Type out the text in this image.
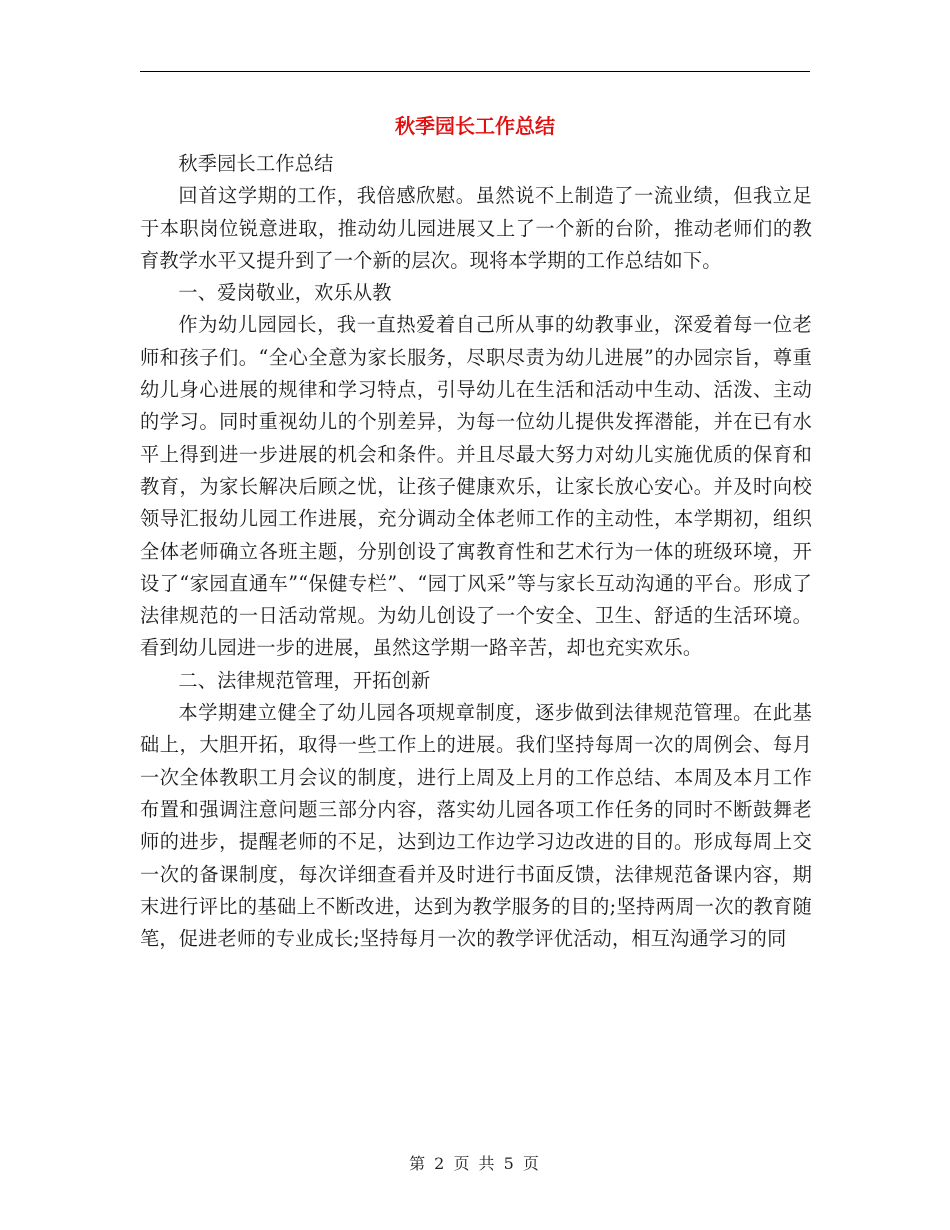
秋季园长工作总结

秋季园长工作总结

回首这学期的工作，我倍感欣慰。虽然说不上制造了一流业绩，但我立足于本职岗位锐意进取，推动幼儿园进展又上了一个新的台阶，推动老师们的教育教学水平又提升到了一个新的层次。现将本学期的工作总结如下。

一、爱岗敬业，欢乐从教

作为幼儿园园长，我一直热爱着自己所从事的幼教事业，深爱着每一位老师和孩子们。“全心全意为家长服务，尽职尽责为幼儿进展”的办园宗旨，尊重幼儿身心进展的规律和学习特点，引导幼儿在生活和活动中生动、活泼、主动的学习。同时重视幼儿的个别差异，为每一位幼儿提供发挥潜能，并在已有水平上得到进一步进展的机会和条件。并且尽最大努力对幼儿实施优质的保育和教育，为家长解决后顾之忧，让孩子健康欢乐，让家长放心安心。并及时向校领导汇报幼儿园工作进展，充分调动全体老师工作的主动性，本学期初，组织全体老师确立各班主题，分别创设了寓教育性和艺术行为一体的班级环境，开设了“家园直通车”“保健专栏”、“园丁风采”等与家长互动沟通的平台。形成了法律规范的一日活动常规。为幼儿创设了一个安全、卫生、舒适的生活环境。看到幼儿园进一步的进展，虽然这学期一路辛苦，却也充实欢乐。

二、法律规范管理，开拓创新

本学期建立健全了幼儿园各项规章制度，逐步做到法律规范管理。在此基础上，大胆开拓，取得一些工作上的进展。我们坚持每周一次的周例会、每月一次全体教职工月会议的制度，进行上周及上月的工作总结、本周及本月工作布置和强调注意问题三部分内容，落实幼儿园各项工作任务的同时不断鼓舞老师的进步，提醒老师的不足，达到边工作边学习边改进的目的。形成每周上交一次的备课制度，每次详细查看并及时进行书面反馈，法律规范备课内容，期末进行评比的基础上不断改进，达到为教学服务的目的;坚持两周一次的教育随笔，促进老师的专业成长;坚持每月一次的教学评优活动，相互沟通学习的同

第 2 页 共 5 页
